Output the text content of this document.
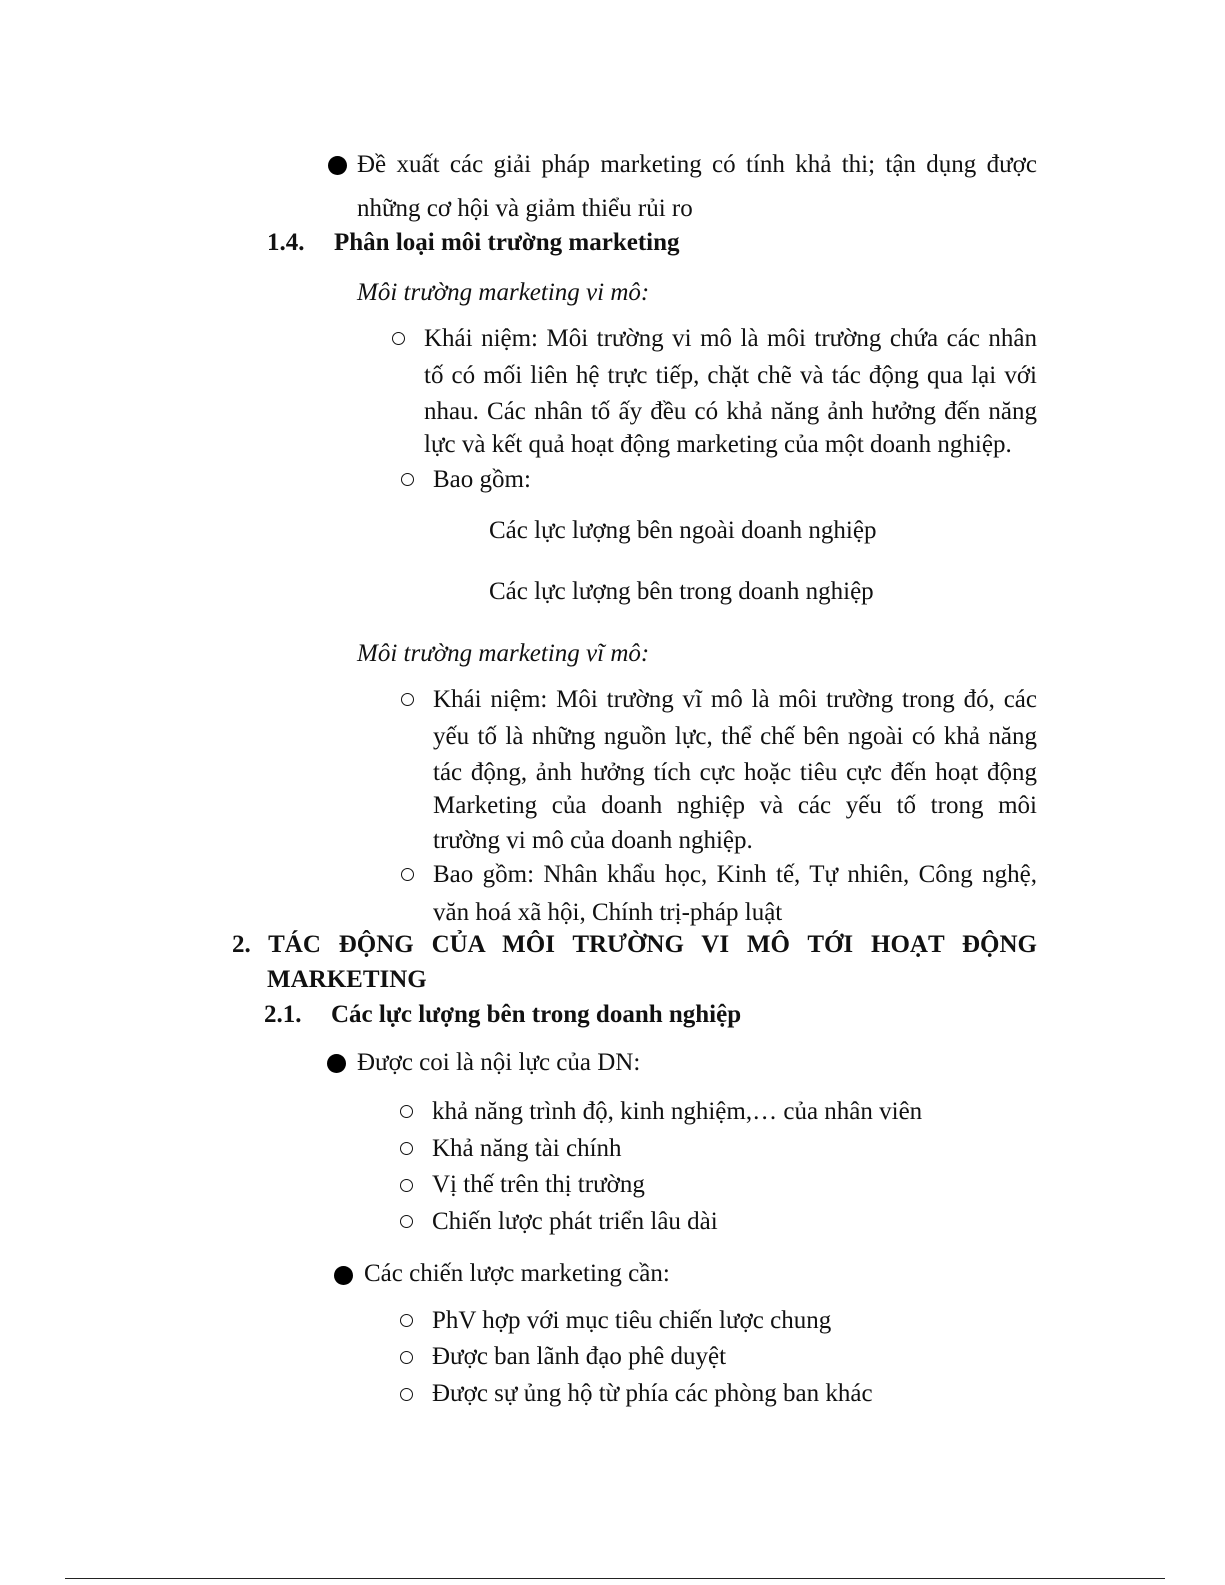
Đề xuất các giải pháp marketing có tính khả thi; tận dụng được
những cơ hội và giảm thiểu rủi ro
1.4. Phân loại môi trường marketing
Môi trường marketing vi mô:
Khái niệm: Môi trường vi mô là môi trường chứa các nhân
tố có mối liên hệ trực tiếp, chặt chẽ và tác động qua lại với
nhau. Các nhân tố ấy đều có khả năng ảnh hưởng đến năng
lực và kết quả hoạt động marketing của một doanh nghiệp.
Bao gồm:
Các lực lượng bên ngoài doanh nghiệp
Các lực lượng bên trong doanh nghiệp
Môi trường marketing vĩ mô:
Khái niệm: Môi trường vĩ mô là môi trường trong đó, các
yếu tố là những nguồn lực, thể chế bên ngoài có khả năng
tác động, ảnh hưởng tích cực hoặc tiêu cực đến hoạt động
Marketing của doanh nghiệp và các yếu tố trong môi
trường vi mô của doanh nghiệp.
Bao gồm: Nhân khẩu học, Kinh tế, Tự nhiên, Công nghệ,
văn hoá xã hội, Chính trị-pháp luật
2. TÁC ĐỘNG CỦA MÔI TRƯỜNG VI MÔ TỚI HOẠT ĐỘNG
MARKETING
2.1. Các lực lượng bên trong doanh nghiệp
Được coi là nội lực của DN:
khả năng trình độ, kinh nghiệm,… của nhân viên
Khả năng tài chính
Vị thế trên thị trường
Chiến lược phát triển lâu dài
Các chiến lược marketing cần:
PhV hợp với mục tiêu chiến lược chung
Được ban lãnh đạo phê duyệt
Được sự ủng hộ từ phía các phòng ban khác
